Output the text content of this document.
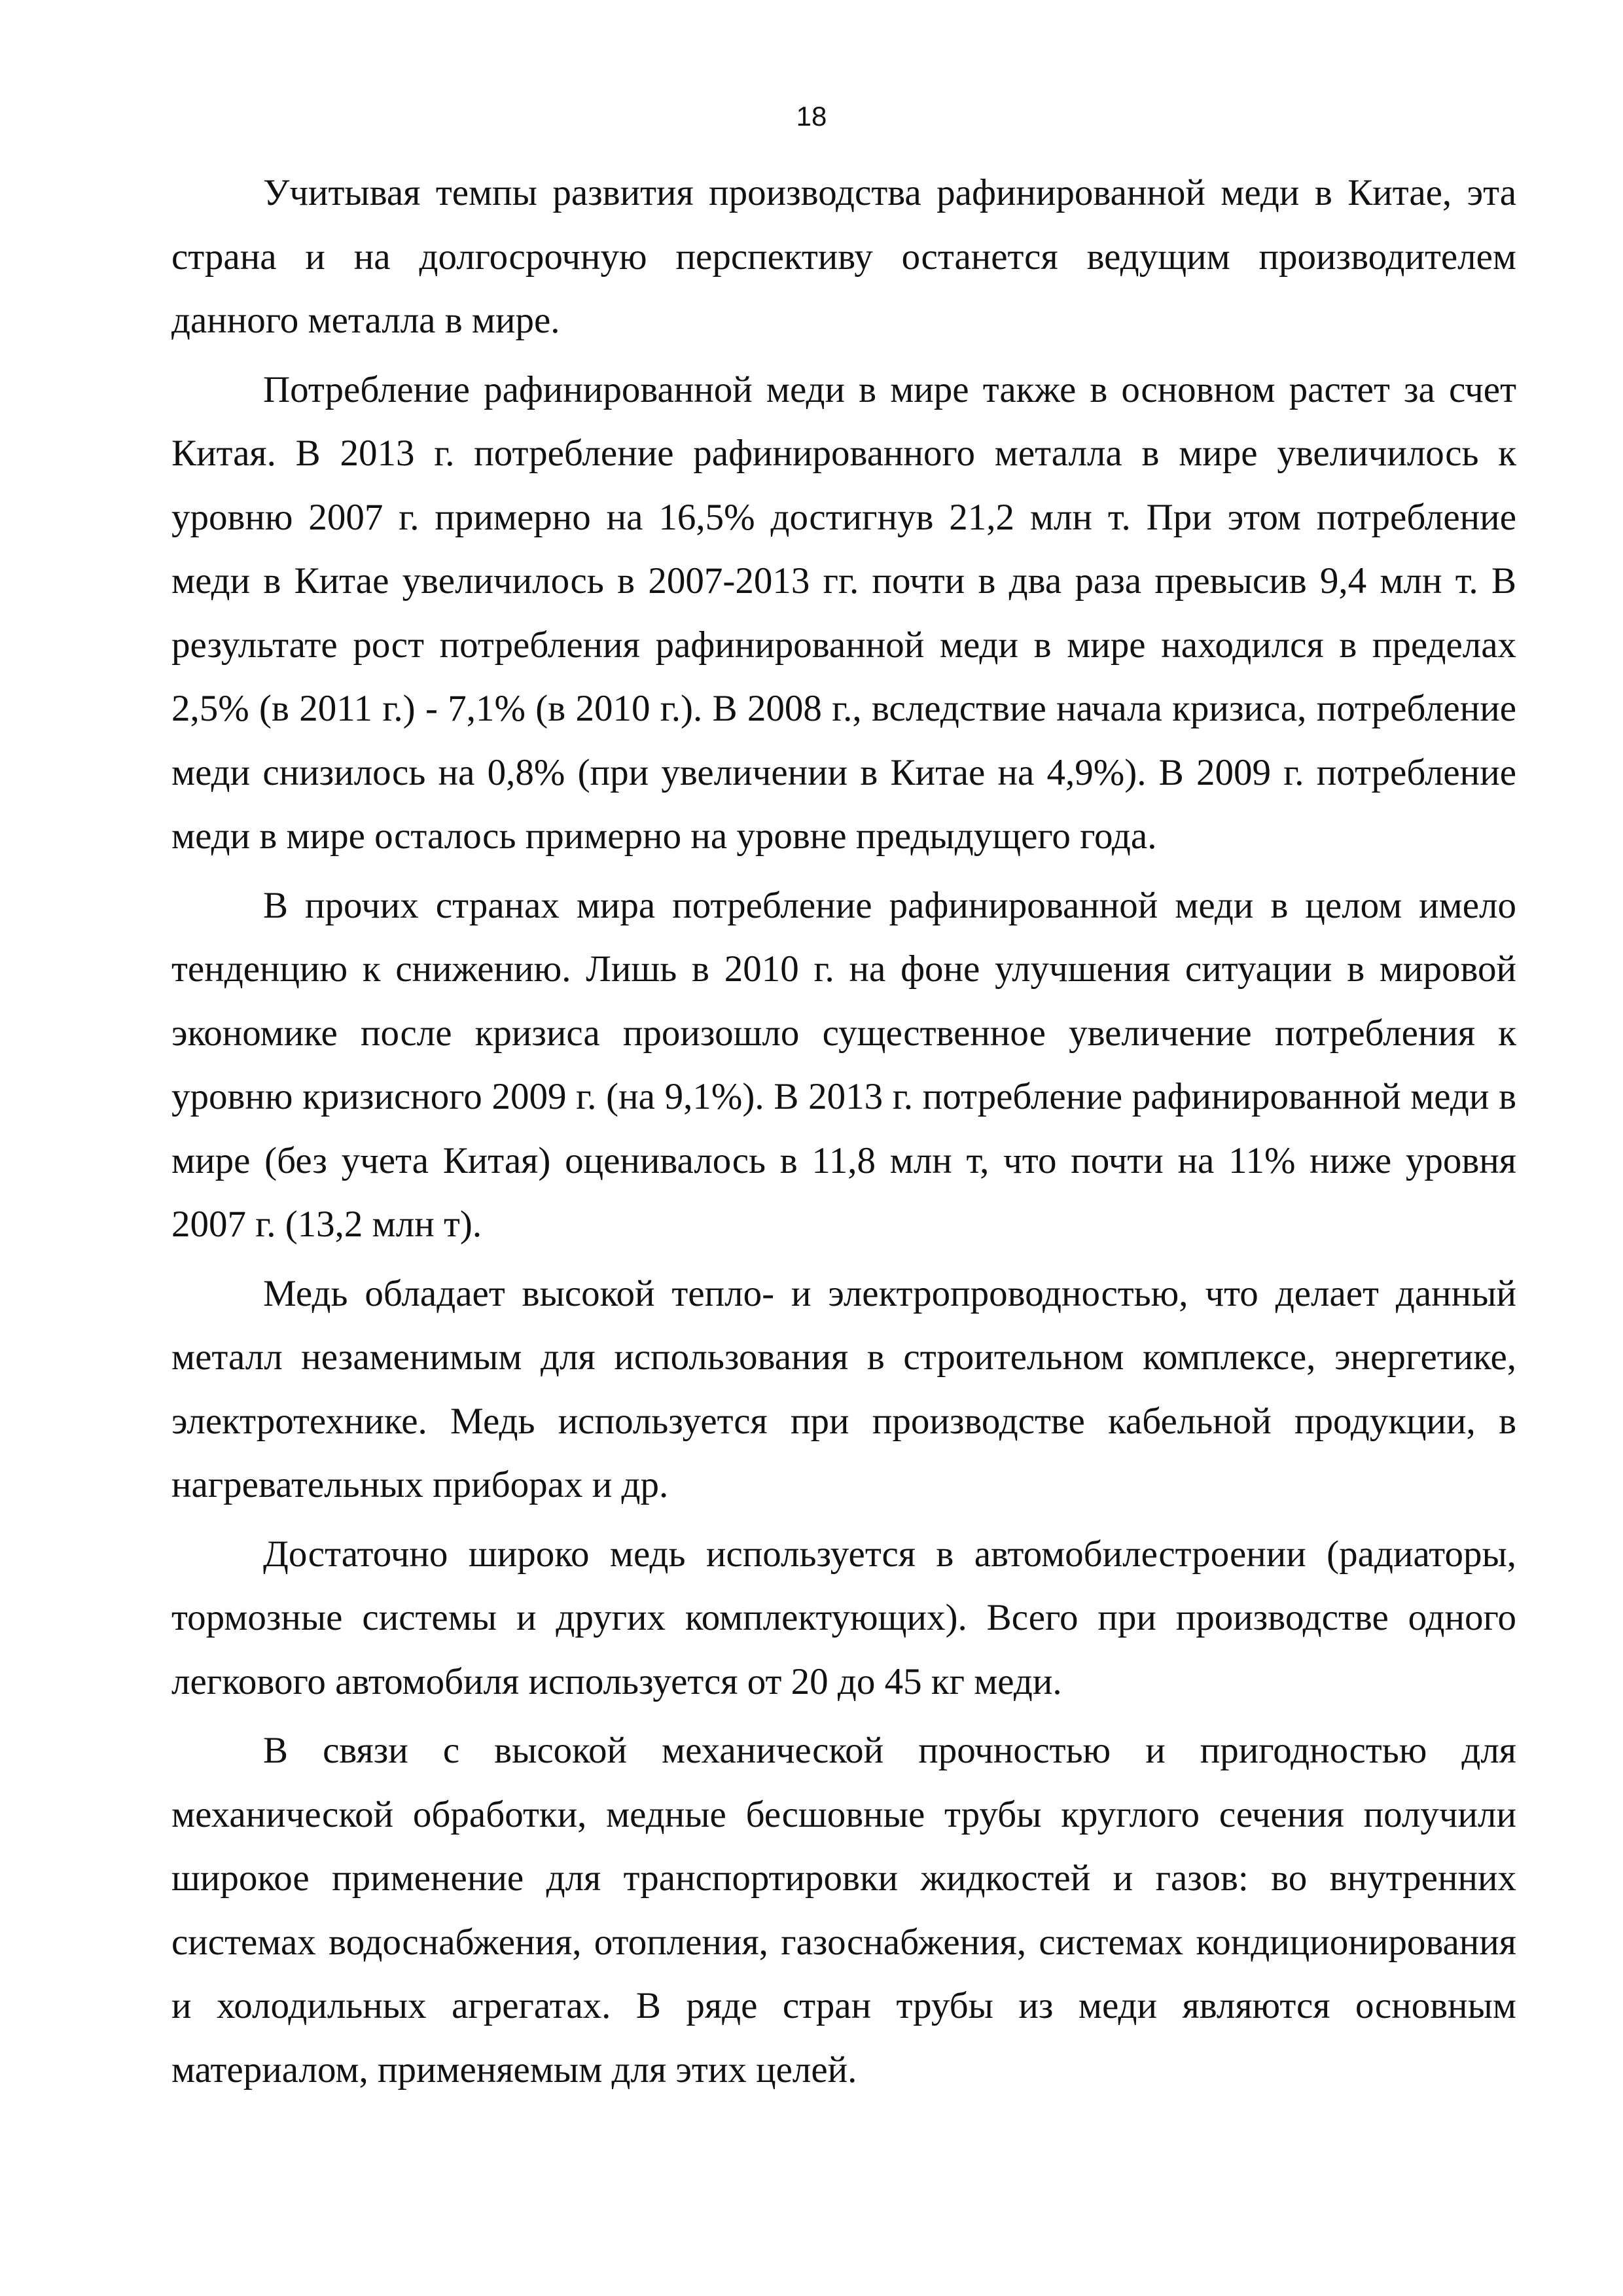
18

Учитывая темпы развития производства рафинированной меди в Китае, эта страна и на долгосрочную перспективу останется ведущим производителем данного металла в мире.

Потребление рафинированной меди в мире также в основном растет за счет Китая. В 2013 г. потребление рафинированного металла в мире увеличилось к уровню 2007 г. примерно на 16,5% достигнув 21,2 млн т. При этом потребление меди в Китае увеличилось в 2007-2013 гг. почти в два раза превысив 9,4 млн т. В результате рост потребления рафинированной меди в мире находился в пределах 2,5% (в 2011 г.) - 7,1% (в 2010 г.). В 2008 г., вследствие начала кризиса, потребление меди снизилось на 0,8% (при увеличении в Китае на 4,9%). В 2009 г. потребление меди в мире осталось примерно на уровне предыдущего года.

В прочих странах мира потребление рафинированной меди в целом имело тенденцию к снижению. Лишь в 2010 г. на фоне улучшения ситуации в мировой экономике после кризиса произошло существенное увеличение потребления к уровню кризисного 2009 г. (на 9,1%). В 2013 г. потребление рафинированной меди в мире (без учета Китая) оценивалось в 11,8 млн т, что почти на 11% ниже уровня 2007 г. (13,2 млн т).

Медь обладает высокой тепло- и электропроводностью, что делает данный металл незаменимым для использования в строительном комплексе, энергетике, электротехнике. Медь используется при производстве кабельной продукции, в нагревательных приборах и др.

Достаточно широко медь используется в автомобилестроении (радиаторы, тормозные системы и других комплектующих). Всего при производстве одного легкового автомобиля используется от 20 до 45 кг меди.

В связи с высокой механической прочностью и пригодностью для механической обработки, медные бесшовные трубы круглого сечения получили широкое применение для транспортировки жидкостей и газов: во внутренних системах водоснабжения, отопления, газоснабжения, системах кондиционирования и холодильных агрегатах. В ряде стран трубы из меди являются основным материалом, применяемым для этих целей.
